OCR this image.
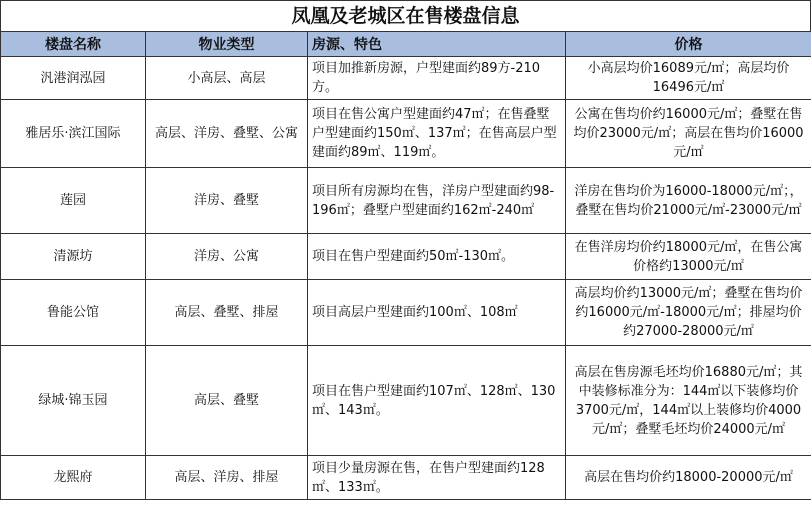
凤凰及老城区在售楼盘信息
楼盘名称	物业类型	房源、特色	价格
汎港润泓园	小高层、高层	项目加推新房源，户型建面约89方-210方。	小高层均价16089元/㎡；高层均价16496元/㎡
雅居乐·滨江国际	高层、洋房、叠墅、公寓	项目在售公寓户型建面约47㎡；在售叠墅户型建面约150㎡、137㎡；在售高层户型建面约89㎡、119㎡。	公寓在售均价约16000元/㎡；叠墅在售均价23000元/㎡；高层在售均价16000元/㎡
莲园	洋房、叠墅	项目所有房源均在售，洋房户型建面约98-196㎡；叠墅户型建面约162㎡-240㎡	洋房在售均价为16000-18000元/㎡；，叠墅在售均价21000元/㎡-23000元/㎡
清源坊	洋房、公寓	项目在售户型建面约50㎡-130㎡。	在售洋房均价约18000元/㎡，在售公寓价格约13000元/㎡
鲁能公馆	高层、叠墅、排屋	项目高层户型建面约100㎡、108㎡	高层均价约13000元/㎡；叠墅在售均价约16000元/㎡-18000元/㎡；排屋均价约27000-28000元/㎡
绿城·锦玉园	高层、叠墅	项目在售户型建面约107㎡、128㎡、130㎡、143㎡。	高层在售房源毛坯均价16880元/㎡；其中装修标准分为：144㎡以下装修均价3700元/㎡，144㎡以上装修均价4000元/㎡；叠墅毛坯均价24000元/㎡
龙熙府	高层、洋房、排屋	项目少量房源在售，在售户型建面约128㎡、133㎡。	高层在售均价约18000-20000元/㎡
